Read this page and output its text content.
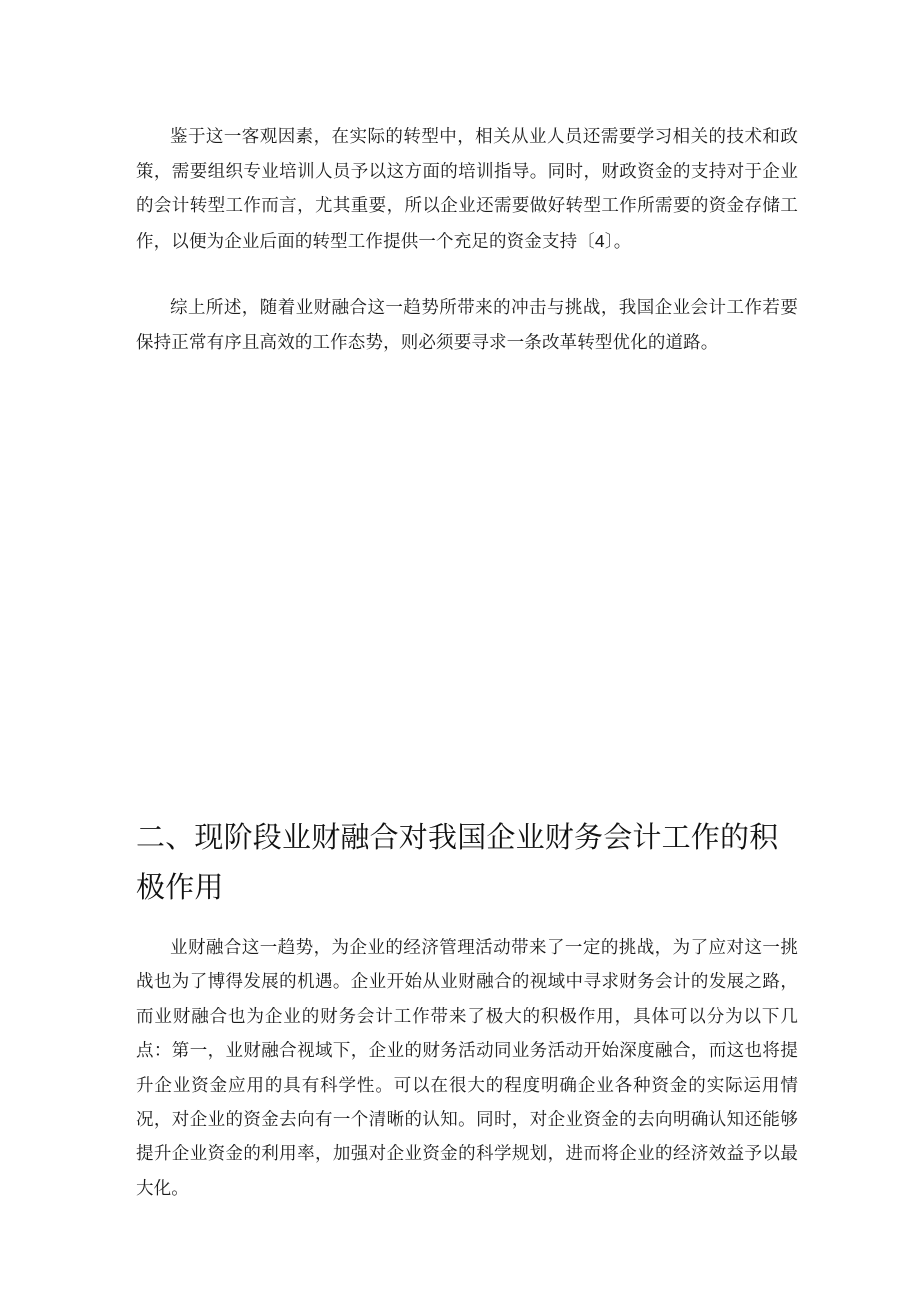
鉴于这一客观因素，在实际的转型中，相关从业人员还需要学习相关的技术和政策，需要组织专业培训人员予以这方面的培训指导。同时，财政资金的支持对于企业的会计转型工作而言，尤其重要，所以企业还需要做好转型工作所需要的资金存储工作，以便为企业后面的转型工作提供一个充足的资金支持〔4〕。

综上所述，随着业财融合这一趋势所带来的冲击与挑战，我国企业会计工作若要保持正常有序且高效的工作态势，则必须要寻求一条改革转型优化的道路。

二、现阶段业财融合对我国企业财务会计工作的积极作用

业财融合这一趋势，为企业的经济管理活动带来了一定的挑战，为了应对这一挑战也为了博得发展的机遇。企业开始从业财融合的视域中寻求财务会计的发展之路，而业财融合也为企业的财务会计工作带来了极大的积极作用，具体可以分为以下几点：第一，业财融合视域下，企业的财务活动同业务活动开始深度融合，而这也将提升企业资金应用的具有科学性。可以在很大的程度明确企业各种资金的实际运用情况，对企业的资金去向有一个清晰的认知。同时，对企业资金的去向明确认知还能够提升企业资金的利用率，加强对企业资金的科学规划，进而将企业的经济效益予以最大化。
